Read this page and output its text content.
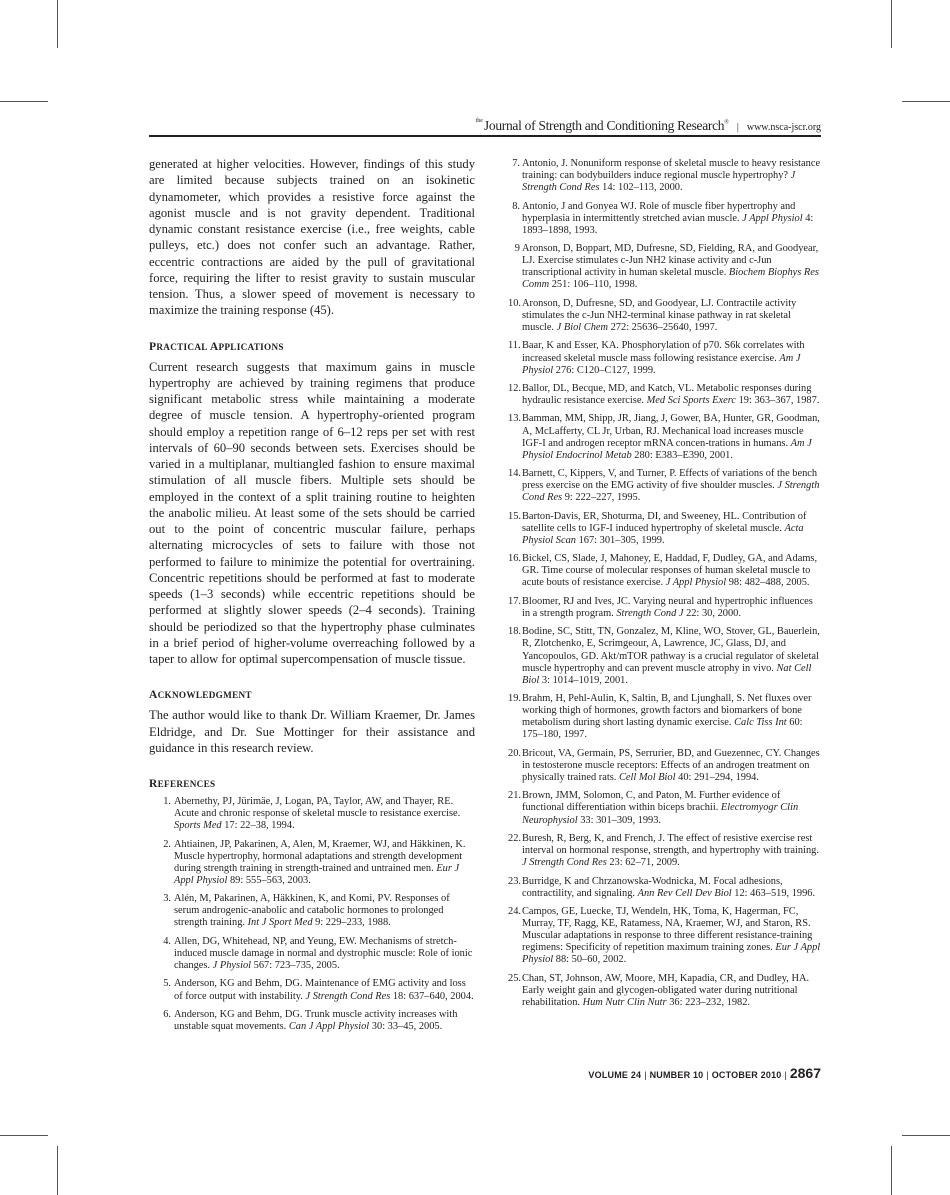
$^{the}$Journal of Strength and Conditioning Research® | www.nsca-jscr.org

generated at higher velocities. However, findings of this study are limited because subjects trained on an isokinetic dynamometer, which provides a resistive force against the agonist muscle and is not gravity dependent. Traditional dynamic constant resistance exercise (i.e., free weights, cable pulleys, etc.) does not confer such an advantage. Rather, eccentric contractions are aided by the pull of gravitational force, requiring the lifter to resist gravity to sustain muscular tension. Thus, a slower speed of movement is necessary to maximize the training response (45).

PRACTICAL APPLICATIONS

Current research suggests that maximum gains in muscle hypertrophy are achieved by training regimens that produce significant metabolic stress while maintaining a moderate degree of muscle tension. A hypertrophy-oriented program should employ a repetition range of 6–12 reps per set with rest intervals of 60–90 seconds between sets. Exercises should be varied in a multiplanar, multiangled fashion to ensure maximal stimulation of all muscle fibers. Multiple sets should be employed in the context of a split training routine to heighten the anabolic milieu. At least some of the sets should be carried out to the point of concentric muscular failure, perhaps alternating microcycles of sets to failure with those not performed to failure to minimize the potential for overtraining. Concentric repetitions should be performed at fast to moderate speeds (1–3 seconds) while eccentric repetitions should be performed at slightly slower speeds (2–4 seconds). Training should be periodized so that the hypertrophy phase culminates in a brief period of higher-volume overreaching followed by a taper to allow for optimal supercompensation of muscle tissue.

ACKNOWLEDGMENT

The author would like to thank Dr. William Kraemer, Dr. James Eldridge, and Dr. Sue Mottinger for their assistance and guidance in this research review.

REFERENCES
1. Abernethy, PJ, Jürimäe, J, Logan, PA, Taylor, AW, and Thayer, RE. Acute and chronic response of skeletal muscle to resistance exercise. Sports Med 17: 22–38, 1994.
2. Ahtiainen, JP, Pakarinen, A, Alen, M, Kraemer, WJ, and Häkkinen, K. Muscle hypertrophy, hormonal adaptations and strength development during strength training in strength-trained and untrained men. Eur J Appl Physiol 89: 555–563, 2003.
3. Alén, M, Pakarinen, A, Häkkinen, K, and Komi, PV. Responses of serum androgenic-anabolic and catabolic hormones to prolonged strength training. Int J Sport Med 9: 229–233, 1988.
4. Allen, DG, Whitehead, NP, and Yeung, EW. Mechanisms of stretch-induced muscle damage in normal and dystrophic muscle: Role of ionic changes. J Physiol 567: 723–735, 2005.
5. Anderson, KG and Behm, DG. Maintenance of EMG activity and loss of force output with instability. J Strength Cond Res 18: 637–640, 2004.
6. Anderson, KG and Behm, DG. Trunk muscle activity increases with unstable squat movements. Can J Appl Physiol 30: 33–45, 2005.
7. Antonio, J. Nonuniform response of skeletal muscle to heavy resistance training: can bodybuilders induce regional muscle hypertrophy? J Strength Cond Res 14: 102–113, 2000.
8. Antonio, J and Gonyea WJ. Role of muscle fiber hypertrophy and hyperplasia in intermittently stretched avian muscle. J Appl Physiol 4: 1893–1898, 1993.
9 Aronson, D, Boppart, MD, Dufresne, SD, Fielding, RA, and Goodyear, LJ. Exercise stimulates c-Jun NH2 kinase activity and c-Jun transcriptional activity in human skeletal muscle. Biochem Biophys Res Comm 251: 106–110, 1998.
10. Aronson, D, Dufresne, SD, and Goodyear, LJ. Contractile activity stimulates the c-Jun NH2-terminal kinase pathway in rat skeletal muscle. J Biol Chem 272: 25636–25640, 1997.
11. Baar, K and Esser, KA. Phosphorylation of p70. S6k correlates with increased skeletal muscle mass following resistance exercise. Am J Physiol 276: C120–C127, 1999.
12. Ballor, DL, Becque, MD, and Katch, VL. Metabolic responses during hydraulic resistance exercise. Med Sci Sports Exerc 19: 363–367, 1987.
13. Bamman, MM, Shipp, JR, Jiang, J, Gower, BA, Hunter, GR, Goodman, A, McLafferty, CL Jr, Urban, RJ. Mechanical load increases muscle IGF-I and androgen receptor mRNA concen-trations in humans. Am J Physiol Endocrinol Metab 280: E383–E390, 2001.
14. Barnett, C, Kippers, V, and Turner, P. Effects of variations of the bench press exercise on the EMG activity of five shoulder muscles. J Strength Cond Res 9: 222–227, 1995.
15. Barton-Davis, ER, Shoturma, DI, and Sweeney, HL. Contribution of satellite cells to IGF-I induced hypertrophy of skeletal muscle. Acta Physiol Scan 167: 301–305, 1999.
16. Bickel, CS, Slade, J, Mahoney, E, Haddad, F, Dudley, GA, and Adams, GR. Time course of molecular responses of human skeletal muscle to acute bouts of resistance exercise. J Appl Physiol 98: 482–488, 2005.
17. Bloomer, RJ and Ives, JC. Varying neural and hypertrophic influences in a strength program. Strength Cond J 22: 30, 2000.
18. Bodine, SC, Stitt, TN, Gonzalez, M, Kline, WO, Stover, GL, Bauerlein, R, Zlotchenko, E, Scrimgeour, A, Lawrence, JC, Glass, DJ, and Yancopoulos, GD. Akt/mTOR pathway is a crucial regulator of skeletal muscle hypertrophy and can prevent muscle atrophy in vivo. Nat Cell Biol 3: 1014–1019, 2001.
19. Brahm, H, Pehl-Aulin, K, Saltin, B, and Ljunghall, S. Net fluxes over working thigh of hormones, growth factors and biomarkers of bone metabolism during short lasting dynamic exercise. Calc Tiss Int 60: 175–180, 1997.
20. Bricout, VA, Germain, PS, Serrurier, BD, and Guezennec, CY. Changes in testosterone muscle receptors: Effects of an androgen treatment on physically trained rats. Cell Mol Biol 40: 291–294, 1994.
21. Brown, JMM, Solomon, C, and Paton, M. Further evidence of functional differentiation within biceps brachii. Electromyogr Clin Neurophysiol 33: 301–309, 1993.
22. Buresh, R, Berg, K, and French, J. The effect of resistive exercise rest interval on hormonal response, strength, and hypertrophy with training. J Strength Cond Res 23: 62–71, 2009.
23. Burridge, K and Chrzanowska-Wodnicka, M. Focal adhesions, contractility, and signaling. Ann Rev Cell Dev Biol 12: 463–519, 1996.
24. Campos, GE, Luecke, TJ, Wendeln, HK, Toma, K, Hagerman, FC, Murray, TF, Ragg, KE, Ratamess, NA, Kraemer, WJ, and Staron, RS. Muscular adaptations in response to three different resistance-training regimens: Specificity of repetition maximum training zones. Eur J Appl Physiol 88: 50–60, 2002.
25. Chan, ST, Johnson, AW, Moore, MH, Kapadia, CR, and Dudley, HA. Early weight gain and glycogen-obligated water during nutritional rehabilitation. Hum Nutr Clin Nutr 36: 223–232, 1982.
VOLUME 24 | NUMBER 10 | OCTOBER 2010 | 2867
